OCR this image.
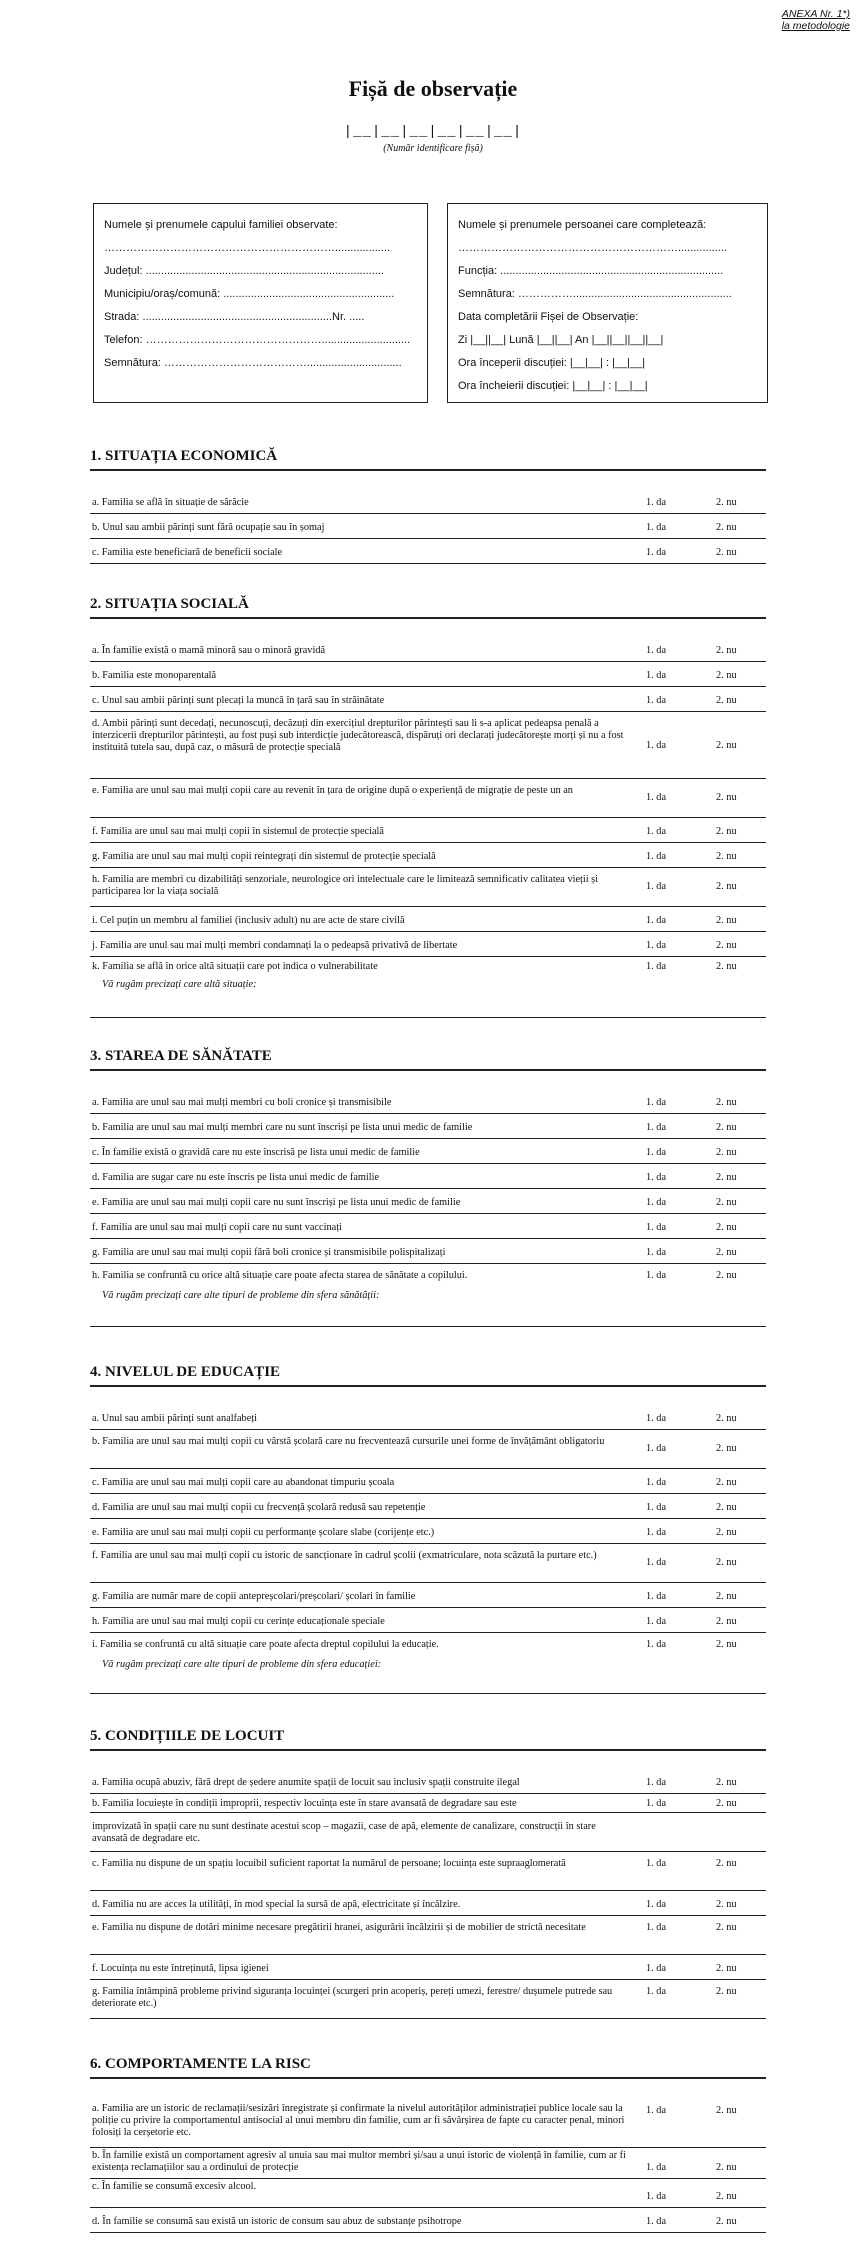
ANEXA Nr. 1*)
la metodologie
Fișă de observație
|__|__|__|__|__|__|
(Număr identificare fișă)
Numele și prenumele capului familiei observate:
………………………………………………………..................
Județul: ..............................................................................
Municipiu/oraș/comună: ........................................................
Strada: ..............................................................Nr. .....
Telefon: ………………………………………….............................
Semnătura: …………………………………...............................
Numele și prenumele persoanei care completează:
……………………………………………………................
Funcția: .........................................................................
Semnătura: ……………....................................................
Data completării Fișei de Observație:
Zi |__||__| Lună |__||__| An |__||__||__||__|
Ora începerii discuției: |__|__| : |__|__|
Ora încheierii discuției: |__|__| : |__|__|
1. SITUAȚIA ECONOMICĂ
a. Familia se află în situație de sărăcie	1. da	2. nu
b. Unul sau ambii părinți sunt fără ocupație sau în șomaj	1. da	2. nu
c. Familia este beneficiară de beneficii sociale	1. da	2. nu
2. SITUAȚIA SOCIALĂ
a. În familie există o mamă minoră sau o minoră gravidă	1. da	2. nu
b. Familia este monoparentală	1. da	2. nu
c. Unul sau ambii părinți sunt plecați la muncă în țară sau în străinătate	1. da	2. nu
d. Ambii părinți sunt decedați, necunoscuți, decăzuți din exercițiul drepturilor părintești sau li s-a aplicat pedeapsa penală a interzicerii drepturilor părintești, au fost puși sub interdicție judecătorească, dispăruți ori declarați judecătorește morți și nu a fost instituită tutela sau, după caz, o măsură de protecție specială	1. da	2. nu
e. Familia are unul sau mai mulți copii care au revenit în țara de origine după o experiență de migrație de peste un an
1. da	2. nu
f. Familia are unul sau mai mulți copii în sistemul de protecție specială	1. da	2. nu
g. Familia are unul sau mai mulți copii reintegrați din sistemul de protecție specială	1. da	2. nu
h. Familia are membri cu dizabilități senzoriale, neurologice ori intelectuale care le limitează semnificativ calitatea vieții și participarea lor la viața socială	1. da	2. nu
i. Cel puțin un membru al familiei (inclusiv adult) nu are acte de stare civilă	1. da	2. nu
j. Familia are unul sau mai mulți membri condamnați la o pedeapsă privativă de libertate	1. da	2. nu
k. Familia se află în orice altă situații care pot indica o vulnerabilitate	1. da	2. nu
Vă rugăm precizați care altă situație:
3. STAREA DE SĂNĂTATE
a. Familia are unul sau mai mulți membri cu boli cronice și transmisibile	1. da	2. nu
b. Familia are unul sau mai mulți membri care nu sunt înscriși pe lista unui medic de familie	1. da	2. nu
c. În familie există o gravidă care nu este înscrisă pe lista unui medic de familie	1. da	2. nu
d. Familia are sugar care nu este înscris pe lista unui medic de familie	1. da	2. nu
e. Familia are unul sau mai mulți copii care nu sunt înscriși pe lista unui medic de familie	1. da	2. nu
f. Familia are unul sau mai mulți copii care nu sunt vaccinați	1. da	2. nu
g. Familia are unul sau mai mulți copii fără boli cronice și transmisibile polispitalizați	1. da	2. nu
h. Familia se confruntă cu orice altă situație care poate afecta starea de sănătate a copilului.	1. da	2. nu
Vă rugăm precizați care alte tipuri de probleme din sfera sănătății:
4. NIVELUL DE EDUCAȚIE
a. Unul sau ambii părinți sunt analfabeți	1. da	2. nu
b. Familia are unul sau mai mulți copii cu vârstă școlară care nu frecventează cursurile unei forme de învățământ obligatoriu
1. da	2. nu
c. Familia are unul sau mai mulți copii care au abandonat timpuriu școala	1. da	2. nu
d. Familia are unul sau mai mulți copii cu frecvență școlară redusă sau repetenție	1. da	2. nu
e. Familia are unul sau mai mulți copii cu performanțe școlare slabe (corijențe etc.)	1. da	2. nu
f. Familia are unul sau mai mulți copii cu istoric de sancționare în cadrul școlii (exmatriculare, nota scăzută la purtare etc.)
1. da	2. nu
g. Familia are număr mare de copii antepreșcolari/preșcolari/ școlari în familie	1. da	2. nu
h. Familia are unul sau mai mulți copii cu cerințe educaționale speciale	1. da	2. nu
i. Familia se confruntă cu altă situație care poate afecta dreptul copilului la educație.	1. da	2. nu
Vă rugăm precizați care alte tipuri de probleme din sfera educației:
5. CONDIȚIILE DE LOCUIT
a. Familia ocupă abuziv, fără drept de ședere anumite spații de locuit sau inclusiv spații construite ilegal	1. da	2. nu
b. Familia locuiește în condiții improprii, respectiv locuința este în stare avansată de degradare sau este	1. da	2. nu
improvizată în spații care nu sunt destinate acestui scop – magazii, case de apă, elemente de canalizare, construcții în stare avansată de degradare etc.
c. Familia nu dispune de un spațiu locuibil suficient raportat la numărul de persoane; locuința este supraaglomerată	1. da	2. nu
d. Familia nu are acces la utilități, în mod special la sursă de apă, electricitate și încălzire.	1. da	2. nu
e. Familia nu dispune de dotări minime necesare pregătirii hranei, asigurării încălzirii și de mobilier de strictă necesitate	1. da	2. nu
f. Locuința nu este întreținută, lipsa igienei	1. da	2. nu
g. Familia întâmpină probleme privind siguranța locuinței (scurgeri prin acoperiș, pereți umezi, ferestre/ dușumele putrede sau deteriorate etc.)
1. da	2. nu
6. COMPORTAMENTE LA RISC
a. Familia are un istoric de reclamații/sesizări înregistrate și confirmate la nivelul autorităților administrației publice locale sau la poliție cu privire la comportamentul antisocial al unui membru din familie, cum ar fi săvârșirea de fapte cu caracter penal, minori folosiți la cerșetorie etc.
1. da	2. nu
b. În familie există un comportament agresiv al unuia sau mai multor membri și/sau a unui istoric de violență în familie, cum ar fi existența reclamațiilor sau a ordinului de protecție	1. da	2. nu
c. În familie se consumă excesiv alcool.
1. da	2. nu
d. În familie se consumă sau există un istoric de consum sau abuz de substanțe psihotrope	1. da	2. nu
